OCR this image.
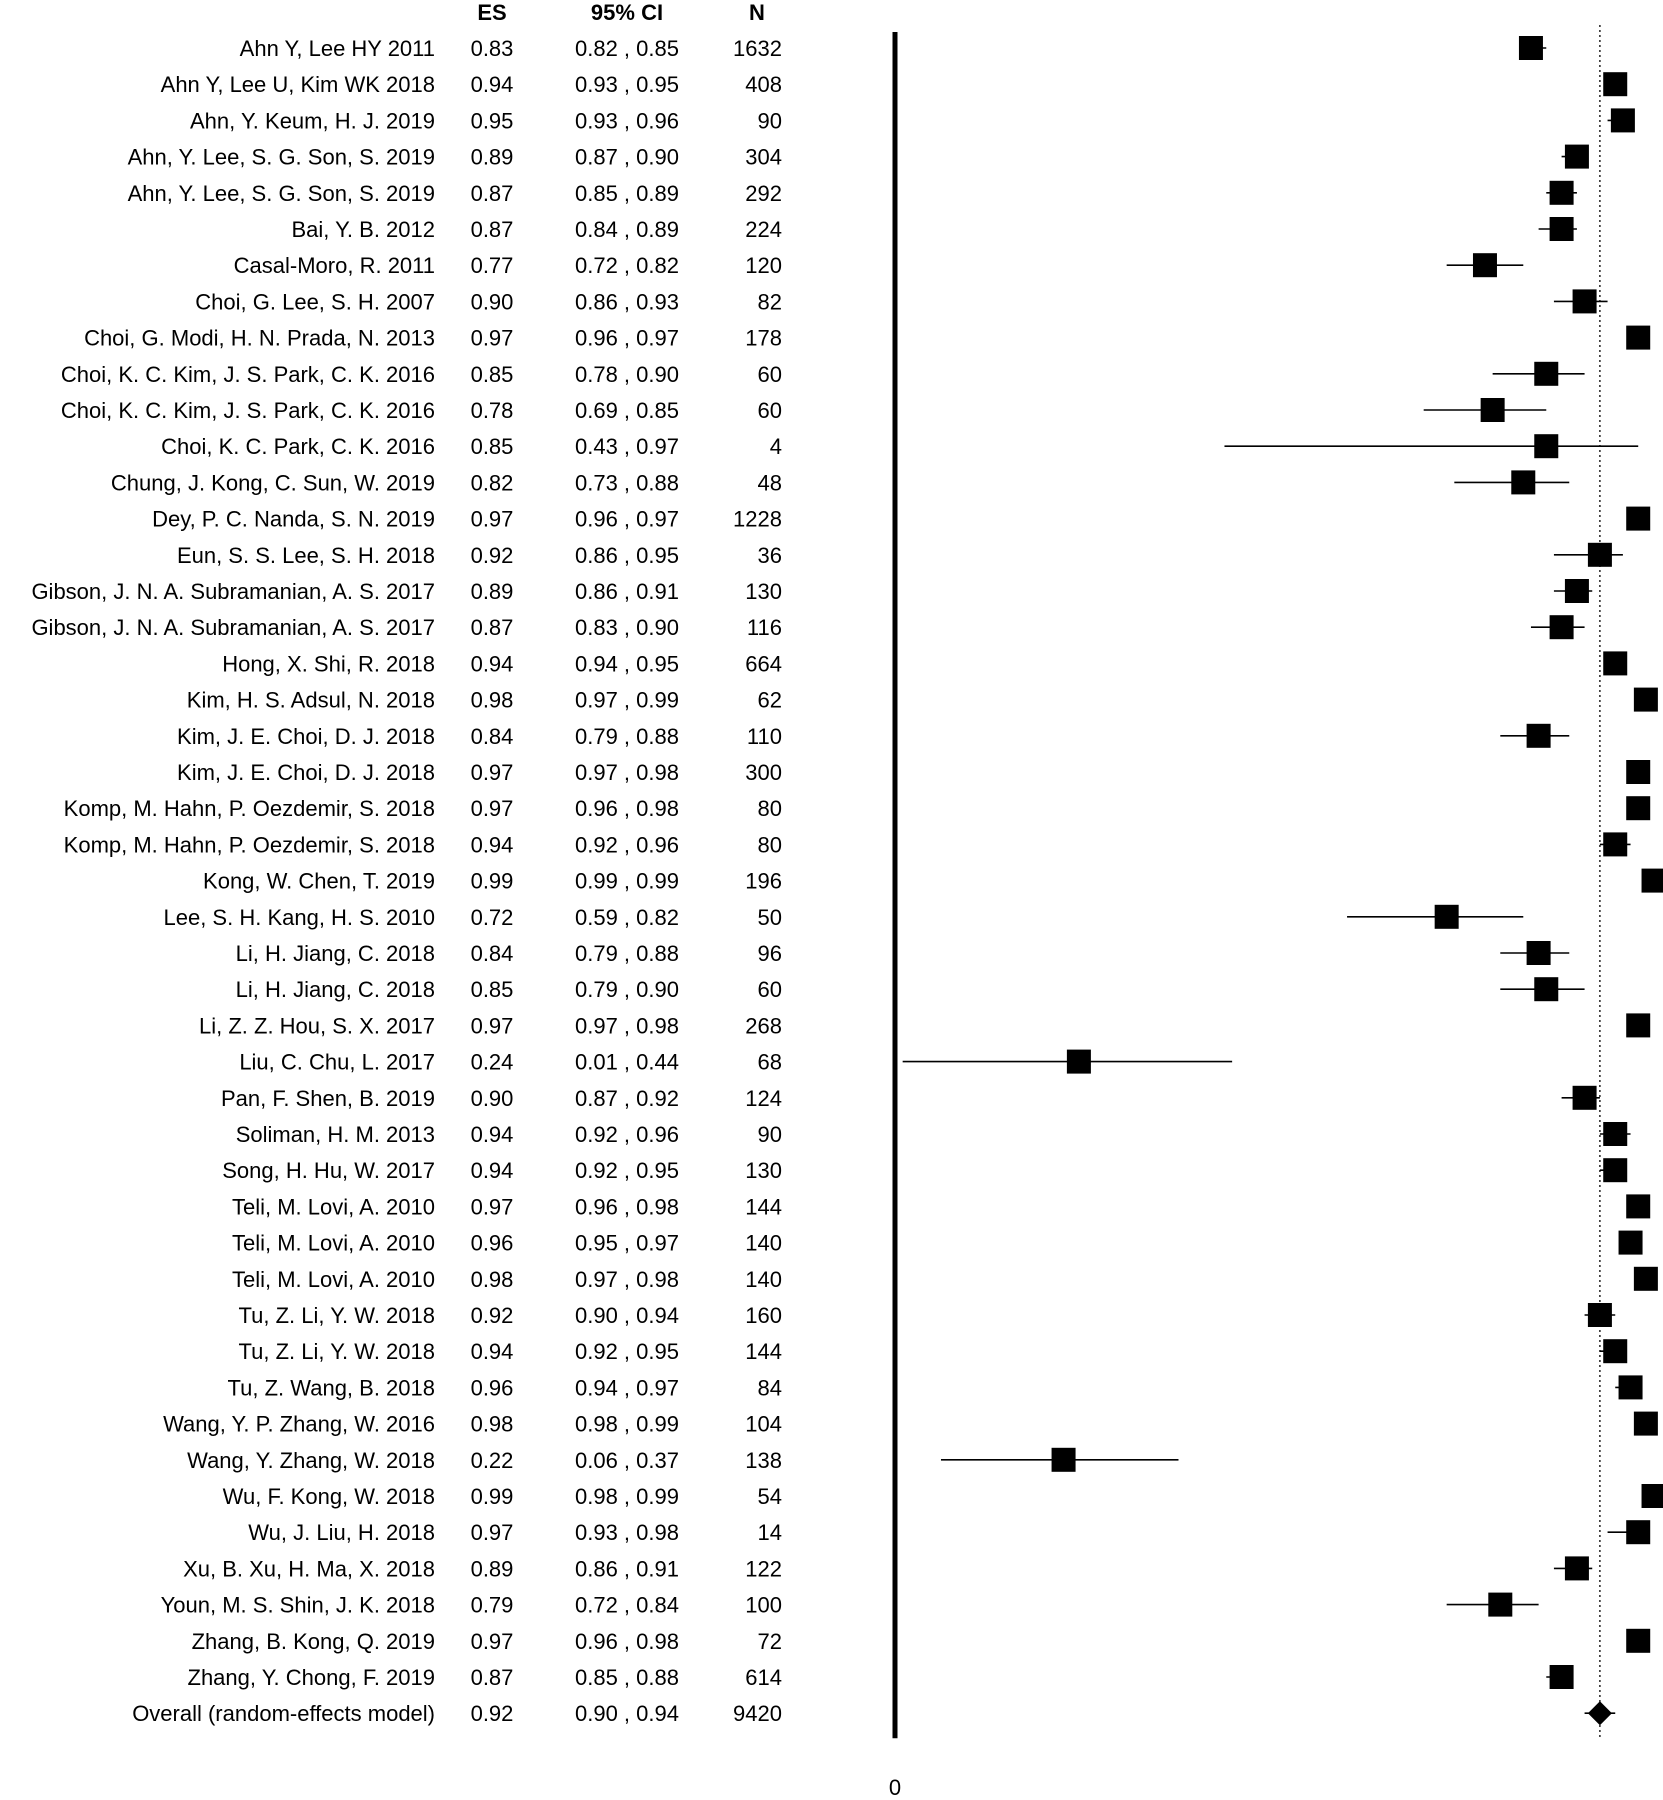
ES	95% CI	N
0
Ahn Y, Lee HY 2011 0.83	0.82 , 0.85 1632
Ahn Y, Lee U, Kim WK 2018 0.94	0.93 , 0.95	408
Ahn, Y. Keum, H. J. 2019 0.95	0.93 , 0.96	90
Ahn, Y. Lee, S. G. Son, S. 2019 0.89	0.87 , 0.90	304
Ahn, Y. Lee, S. G. Son, S. 2019 0.87	0.85 , 0.89	292
Bai, Y. B. 2012 0.87	0.84 , 0.89	224
Casal-Moro, R. 2011 0.77	0.72 , 0.82	120
Choi, G. Lee, S. H. 2007 0.90	0.86 , 0.93	82
Choi, G. Modi, H. N. Prada, N. 2013 0.97	0.96 , 0.97	178
Choi, K. C. Kim, J. S. Park, C. K. 2016 0.85	0.78 , 0.90	60
Choi, K. C. Kim, J. S. Park, C. K. 2016 0.78	0.69 , 0.85	60
Choi, K. C. Park, C. K. 2016 0.85	0.43 , 0.97	4
Chung, J. Kong, C. Sun, W. 2019 0.82	0.73 , 0.88	48
Dey, P. C. Nanda, S. N. 2019 0.97	0.96 , 0.97 1228
Eun, S. S. Lee, S. H. 2018 0.92	0.86 , 0.95	36
Gibson, J. N. A. Subramanian, A. S. 2017 0.89	0.86 , 0.91	130
Gibson, J. N. A. Subramanian, A. S. 2017 0.87	0.83 , 0.90	116
Hong, X. Shi, R. 2018 0.94	0.94 , 0.95	664
Kim, H. S. Adsul, N. 2018 0.98	0.97 , 0.99	62
Kim, J. E. Choi, D. J. 2018 0.84	0.79 , 0.88	110
Kim, J. E. Choi, D. J. 2018 0.97	0.97 , 0.98	300
Komp, M. Hahn, P. Oezdemir, S. 2018 0.97	0.96 , 0.98	80
Komp, M. Hahn, P. Oezdemir, S. 2018 0.94	0.92 , 0.96	80
Kong, W. Chen, T. 2019 0.99	0.99 , 0.99	196
Lee, S. H. Kang, H. S. 2010 0.72	0.59 , 0.82	50
Li, H. Jiang, C. 2018 0.84	0.79 , 0.88	96
Li, H. Jiang, C. 2018 0.85	0.79 , 0.90	60
Li, Z. Z. Hou, S. X. 2017 0.97	0.97 , 0.98	268
Liu, C. Chu, L. 2017 0.24	0.01 , 0.44	68
Pan, F. Shen, B. 2019 0.90	0.87 , 0.92	124
Soliman, H. M. 2013 0.94	0.92 , 0.96	90
Song, H. Hu, W. 2017 0.94	0.92 , 0.95	130
Teli, M. Lovi, A. 2010 0.97	0.96 , 0.98	144
Teli, M. Lovi, A. 2010 0.96	0.95 , 0.97	140
Teli, M. Lovi, A. 2010 0.98	0.97 , 0.98	140
Tu, Z. Li, Y. W. 2018 0.92	0.90 , 0.94	160
Tu, Z. Li, Y. W. 2018 0.94	0.92 , 0.95	144
Tu, Z. Wang, B. 2018 0.96	0.94 , 0.97	84
Wang, Y. P. Zhang, W. 2016 0.98	0.98 , 0.99	104
Wang, Y. Zhang, W. 2018 0.22	0.06 , 0.37	138
Wu, F. Kong, W. 2018 0.99	0.98 , 0.99	54
Wu, J. Liu, H. 2018 0.97	0.93 , 0.98	14
Xu, B. Xu, H. Ma, X. 2018 0.89	0.86 , 0.91	122
Youn, M. S. Shin, J. K. 2018 0.79	0.72 , 0.84	100
Zhang, B. Kong, Q. 2019 0.97	0.96 , 0.98	72
Zhang, Y. Chong, F. 2019 0.87	0.85 , 0.88	614
Overall (random-effects model) 0.92	0.90 , 0.94 9420
